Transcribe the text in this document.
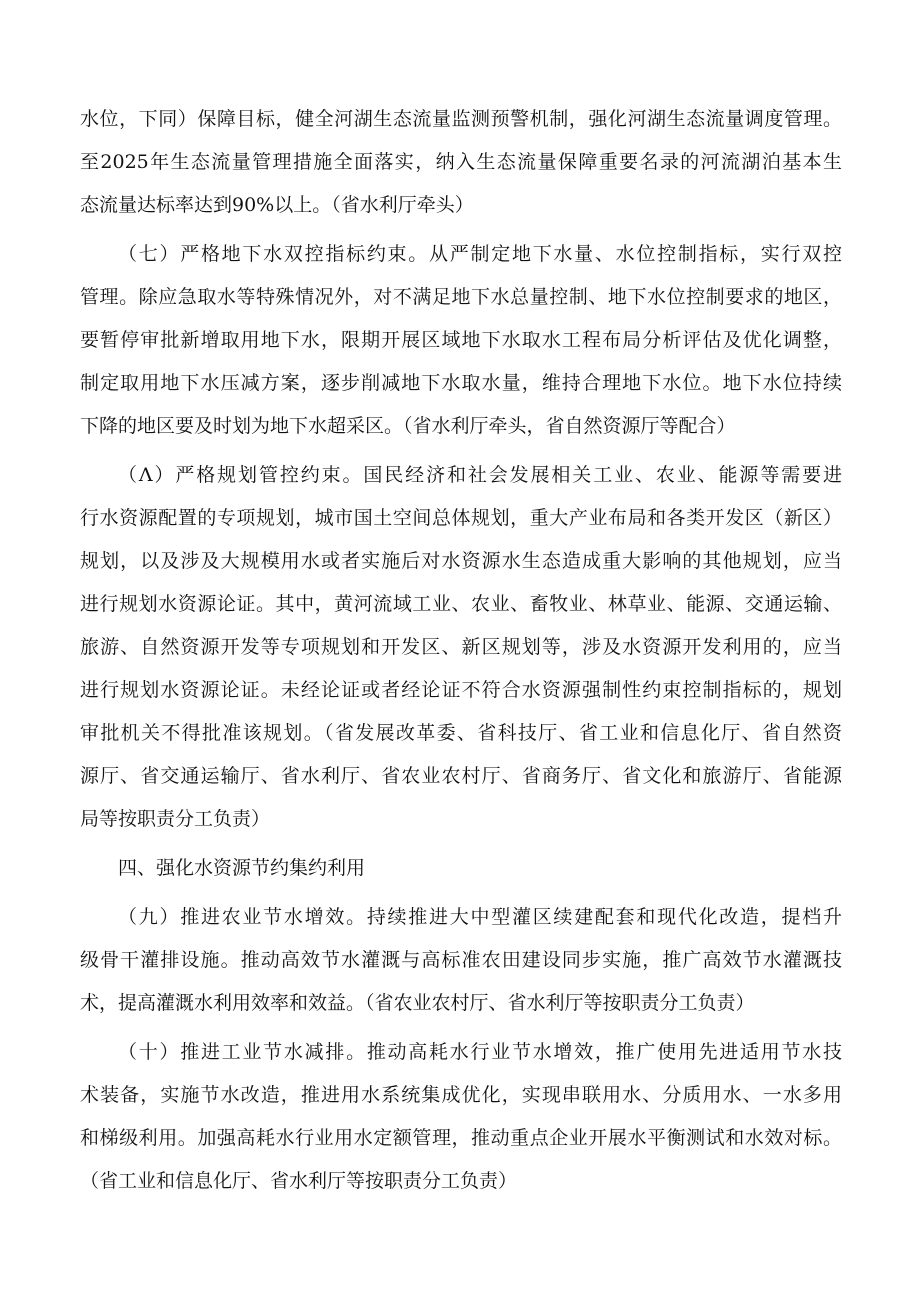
水位，下同）保障目标，健全河湖生态流量监测预警机制，强化河湖生态流量调度管理。
至2025年生态流量管理措施全面落实，纳入生态流量保障重要名录的河流湖泊基本生
态流量达标率达到90%以上。（省水利厅牵头）
（七）严格地下水双控指标约束。从严制定地下水量、水位控制指标，实行双控
管理。除应急取水等特殊情况外，对不满足地下水总量控制、地下水位控制要求的地区，
要暂停审批新增取用地下水，限期开展区域地下水取水工程布局分析评估及优化调整，
制定取用地下水压减方案，逐步削减地下水取水量，维持合理地下水位。地下水位持续
下降的地区要及时划为地下水超采区。（省水利厅牵头，省自然资源厅等配合）
（Λ）严格规划管控约束。国民经济和社会发展相关工业、农业、能源等需要进
行水资源配置的专项规划，城市国土空间总体规划，重大产业布局和各类开发区（新区）
规划，以及涉及大规模用水或者实施后对水资源水生态造成重大影响的其他规划，应当
进行规划水资源论证。其中，黄河流域工业、农业、畜牧业、林草业、能源、交通运输、
旅游、自然资源开发等专项规划和开发区、新区规划等，涉及水资源开发利用的，应当
进行规划水资源论证。未经论证或者经论证不符合水资源强制性约束控制指标的，规划
审批机关不得批准该规划。（省发展改革委、省科技厅、省工业和信息化厅、省自然资
源厅、省交通运输厅、省水利厅、省农业农村厅、省商务厅、省文化和旅游厅、省能源
局等按职责分工负责）
四、强化水资源节约集约利用
（九）推进农业节水增效。持续推进大中型灌区续建配套和现代化改造，提档升
级骨干灌排设施。推动高效节水灌溉与高标准农田建设同步实施，推广高效节水灌溉技
术，提高灌溉水利用效率和效益。（省农业农村厅、省水利厅等按职责分工负责）
（十）推进工业节水减排。推动高耗水行业节水增效，推广使用先进适用节水技
术装备，实施节水改造，推进用水系统集成优化，实现串联用水、分质用水、一水多用
和梯级利用。加强高耗水行业用水定额管理，推动重点企业开展水平衡测试和水效对标。
（省工业和信息化厅、省水利厅等按职责分工负责）
